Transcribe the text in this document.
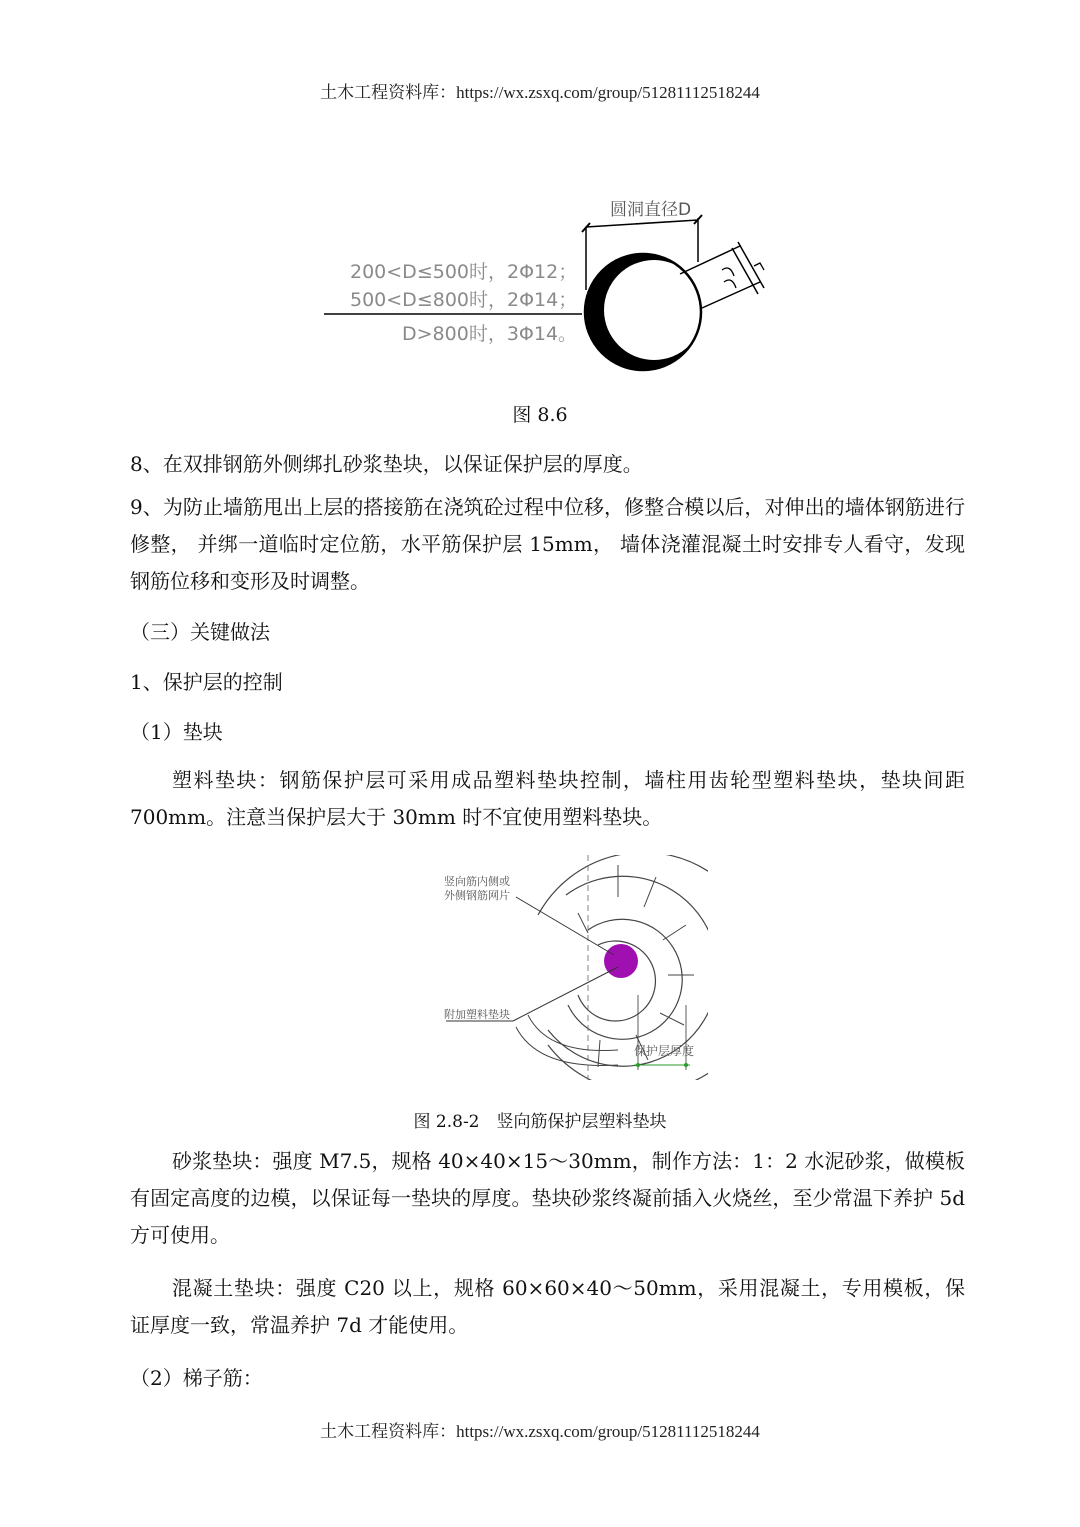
土木工程资料库：https://wx.zsxq.com/group/51281112518244
圆洞直径D
200<D≤500时，2Φ12；
500<D≤800时，2Φ14；
D>800时，3Φ14。
图 8.6

8、在双排钢筋外侧绑扎砂浆垫块，以保证保护层的厚度。

9、为防止墙筋甩出上层的搭接筋在浇筑砼过程中位移，修整合模以后，对伸出的墙体钢筋进行修整， 并绑一道临时定位筋，水平筋保护层 15mm， 墙体浇灌混凝土时安排专人看守，发现钢筋位移和变形及时调整。

（三）关键做法
1、保护层的控制
（1）垫块

塑料垫块：钢筋保护层可采用成品塑料垫块控制，墙柱用齿轮型塑料垫块，垫块间距 700mm。注意当保护层大于 30mm 时不宜使用塑料垫块。

竖向筋内侧或
外侧钢筋网片
附加塑料垫块
保护层厚度
图 2.8-2　竖向筋保护层塑料垫块

砂浆垫块：强度 M7.5，规格 40×40×15～30mm，制作方法：1：2 水泥砂浆，做模板有固定高度的边模，以保证每一垫块的厚度。垫块砂浆终凝前插入火烧丝，至少常温下养护 5d 方可使用。

混凝土垫块：强度 C20 以上，规格 60×60×40～50mm，采用混凝土，专用模板，保证厚度一致，常温养护 7d 才能使用。

（2）梯子筋：
土木工程资料库：https://wx.zsxq.com/group/51281112518244
